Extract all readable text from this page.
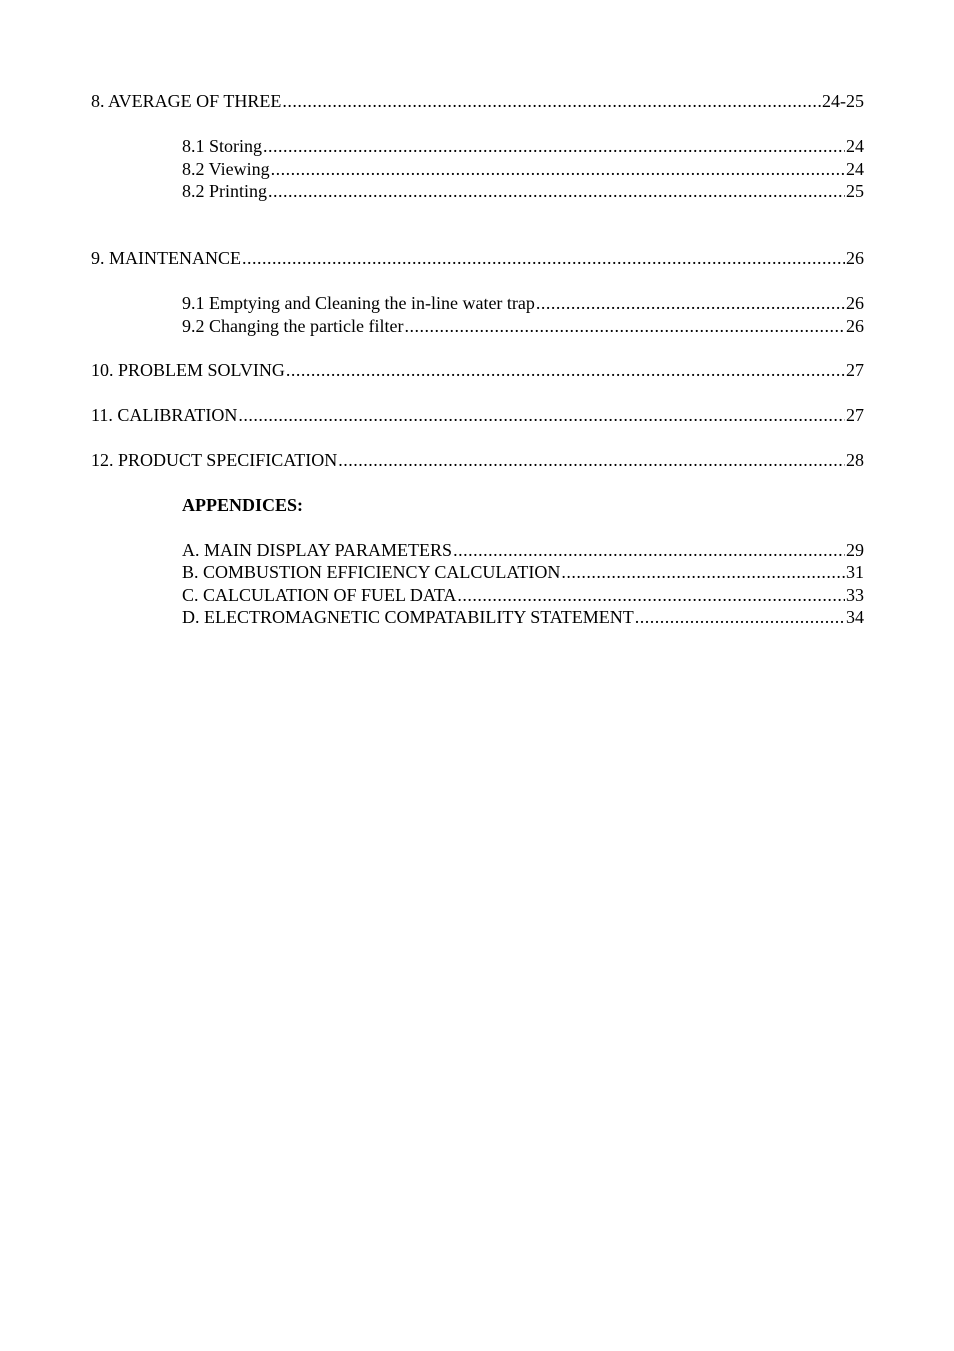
8. AVERAGE OF THREE .....	24-25
8.1 Storing .....	24
8.2 Viewing .....	24
8.2 Printing .....	25
9. MAINTENANCE .....	26
9.1 Emptying and Cleaning the in-line water trap .....	26
9.2 Changing the particle filter .....	26
10. PROBLEM SOLVING .....	27
11. CALIBRATION .....	27
12. PRODUCT SPECIFICATION .....	28
APPENDICES:
A. MAIN DISPLAY PARAMETERS .....	29
B. COMBUSTION EFFICIENCY CALCULATION .....	31
C. CALCULATION OF FUEL DATA .....	33
D. ELECTROMAGNETIC COMPATABILITY STATEMENT .....	34
